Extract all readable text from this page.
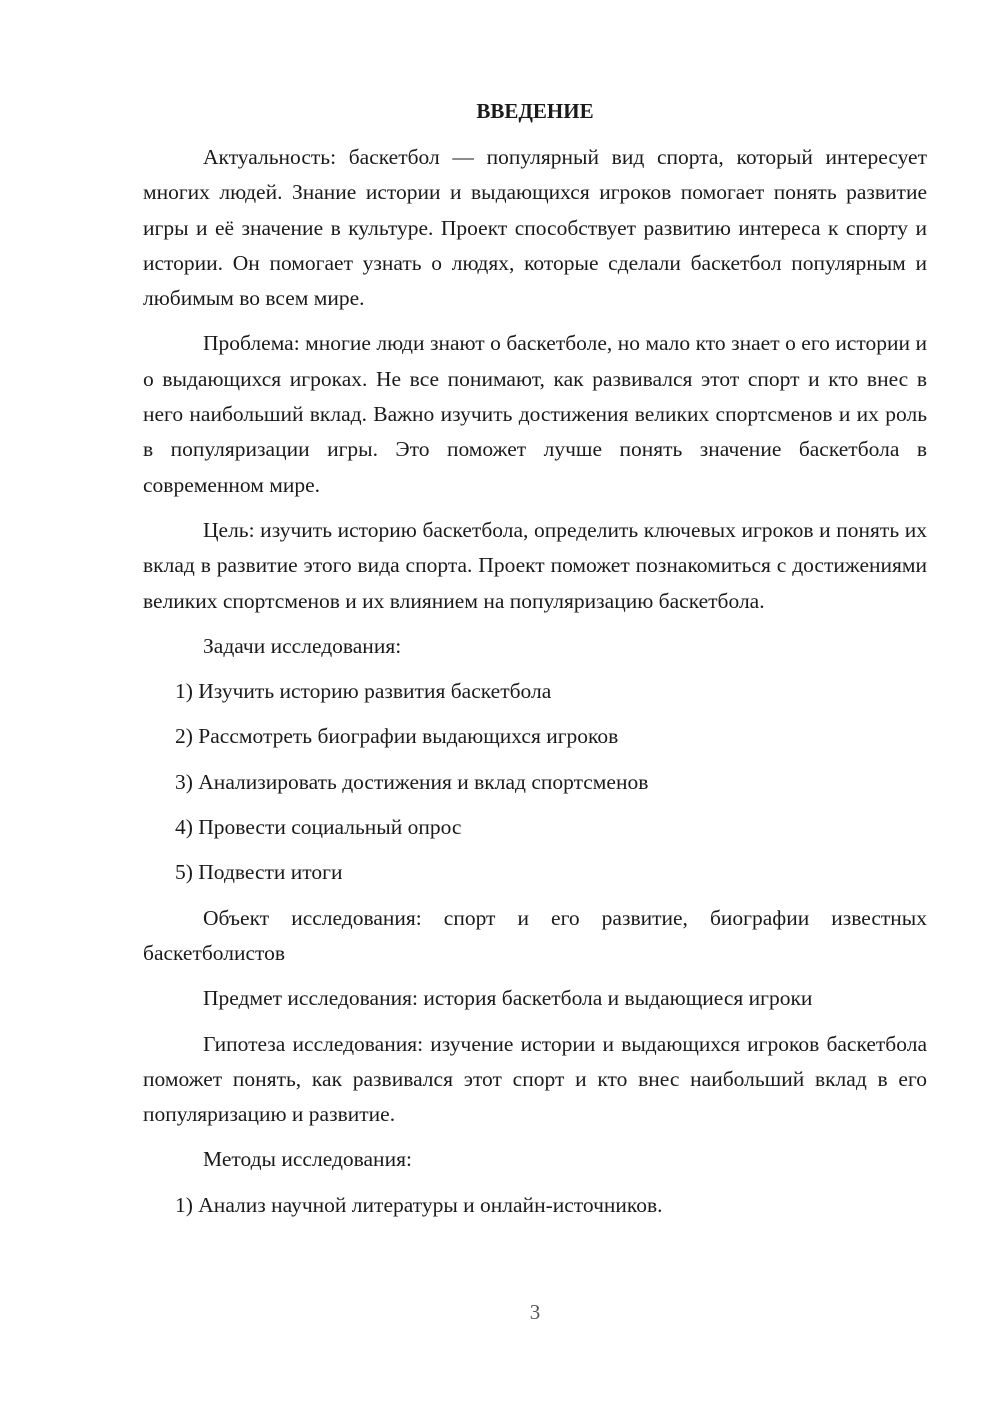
ВВЕДЕНИЕ

Актуальность: баскетбол — популярный вид спорта, который интересует многих людей. Знание истории и выдающихся игроков помогает понять развитие игры и её значение в культуре. Проект способствует развитию интереса к спорту и истории. Он помогает узнать о людях, которые сделали баскетбол популярным и любимым во всем мире.

Проблема: многие люди знают о баскетболе, но мало кто знает о его истории и о выдающихся игроках. Не все понимают, как развивался этот спорт и кто внес в него наибольший вклад. Важно изучить достижения великих спортсменов и их роль в популяризации игры. Это поможет лучше понять значение баскетбола в современном мире.

Цель: изучить историю баскетбола, определить ключевых игроков и понять их вклад в развитие этого вида спорта. Проект поможет познакомиться с достижениями великих спортсменов и их влиянием на популяризацию баскетбола.

Задачи исследования:

1) Изучить историю развития баскетбола
2) Рассмотреть биографии выдающихся игроков
3) Анализировать достижения и вклад спортсменов
4) Провести социальный опрос
5) Подвести итоги

Объект исследования: спорт и его развитие, биографии известных баскетболистов

Предмет исследования: история баскетбола и выдающиеся игроки

Гипотеза исследования: изучение истории и выдающихся игроков баскетбола поможет понять, как развивался этот спорт и кто внес наибольший вклад в его популяризацию и развитие.

Методы исследования:

1) Анализ научной литературы и онлайн-источников.
3
